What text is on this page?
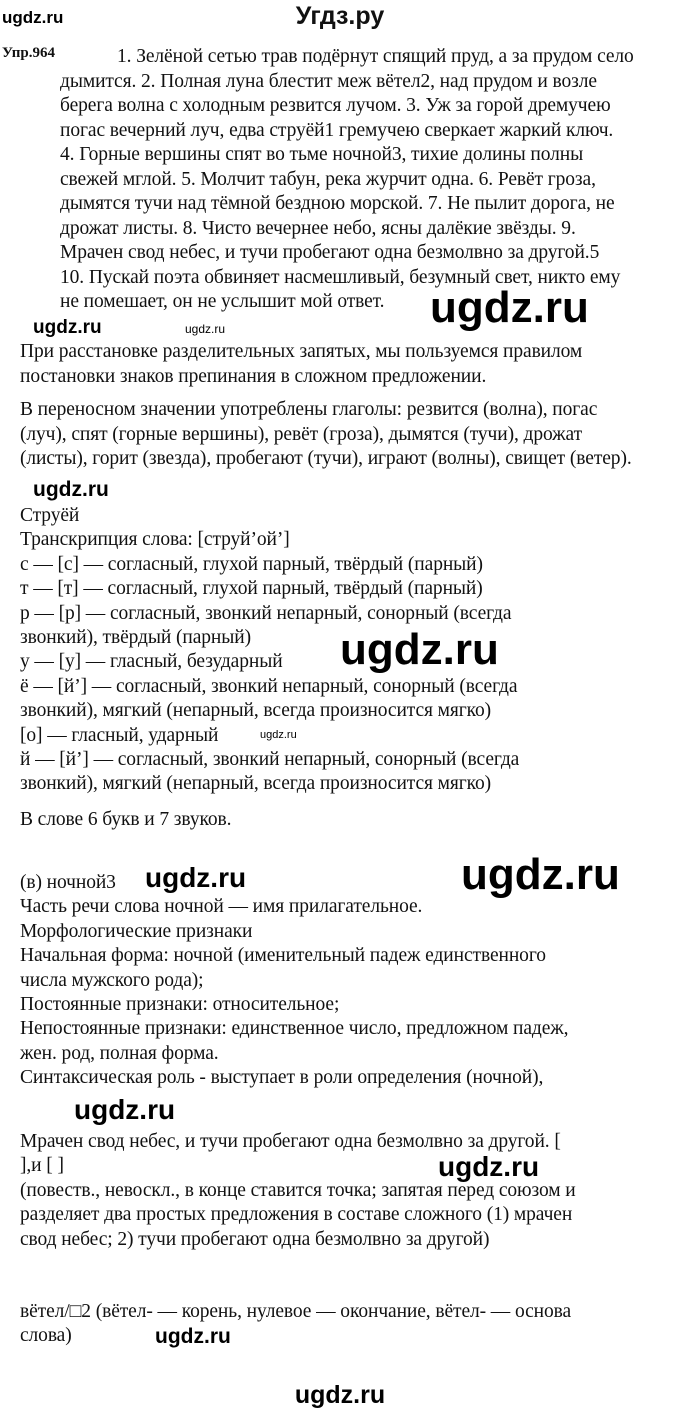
Угдз.ру
Упр.964	1. Зелёной сетью трав подёрнут спящий пруд, а за прудом село
дымится. 2. Полная луна блестит меж вётел2, над прудом и возле
берега волна с холодным резвится лучом. 3. Уж за горой дремучею
погас вечерний луч, едва струёй1 гремучею сверкает жаркий ключ.
4. Горные вершины спят во тьме ночной3, тихие долины полны
свежей мглой. 5. Молчит табун, река журчит одна. 6. Ревёт гроза,
дымятся тучи над тёмной бездною морской. 7. Не пылит дорога, не
дрожат листы. 8. Чисто вечернее небо, ясны далёкие звёзды. 9.
Мрачен свод небес, и тучи пробегают одна безмолвно за другой.5
10. Пускай поэта обвиняет насмешливый, безумный свет, никто ему
не помешает, он не услышит мой ответ.
При расстановке разделительных запятых, мы пользуемся правилом
постановки знаков препинания в сложном предложении.
В переносном значении употреблены глаголы: резвится (волна), погас
(луч), спят (горные вершины), ревёт (гроза), дымятся (тучи), дрожат
(листы), горит (звезда), пробегают (тучи), играют (волны), свищет (ветер).
Струёй
Транскрипция слова: [струй’ой’]
с — [с] — согласный, глухой парный, твёрдый (парный)
т — [т] — согласный, глухой парный, твёрдый (парный)
р — [р] — согласный, звонкий непарный, сонорный (всегда
звонкий), твёрдый (парный)
у — [у] — гласный, безударный
ё — [й’] — согласный, звонкий непарный, сонорный (всегда
звонкий), мягкий (непарный, всегда произносится мягко)
[о] — гласный, ударный
й — [й’] — согласный, звонкий непарный, сонорный (всегда
звонкий), мягкий (непарный, всегда произносится мягко)
В слове 6 букв и 7 звуков.
(в) ночной3
Часть речи слова ночной — имя прилагательное.
Морфологические признаки
Начальная форма: ночной (именительный падеж единственного
числа мужского рода);
Постоянные признаки: относительное;
Непостоянные признаки: единственное число, предложном падеж,
жен. род, полная форма.
Синтаксическая роль - выступает в роли определения (ночной),
Мрачен свод небес, и тучи пробегают одна безмолвно за другой. [
],и [ ]
(повеств., невоскл., в конце ставится точка; запятая перед союзом и
разделяет два простых предложения в составе сложного (1) мрачен
свод небес; 2) тучи пробегают одна безмолвно за другой)
вётел/□2 (вётел- — корень, нулевое — окончание, вётел- — основа
слова)
ugdz.ru
ugdz.ru
ugdz.ru	ugdz.ru
ugdz.ru
ugdz.ru
ugdz.ru
ugdz.ru	ugdz.ru
ugdz.ru
ugdz.ru
ugdz.ru
ugdz.ru
